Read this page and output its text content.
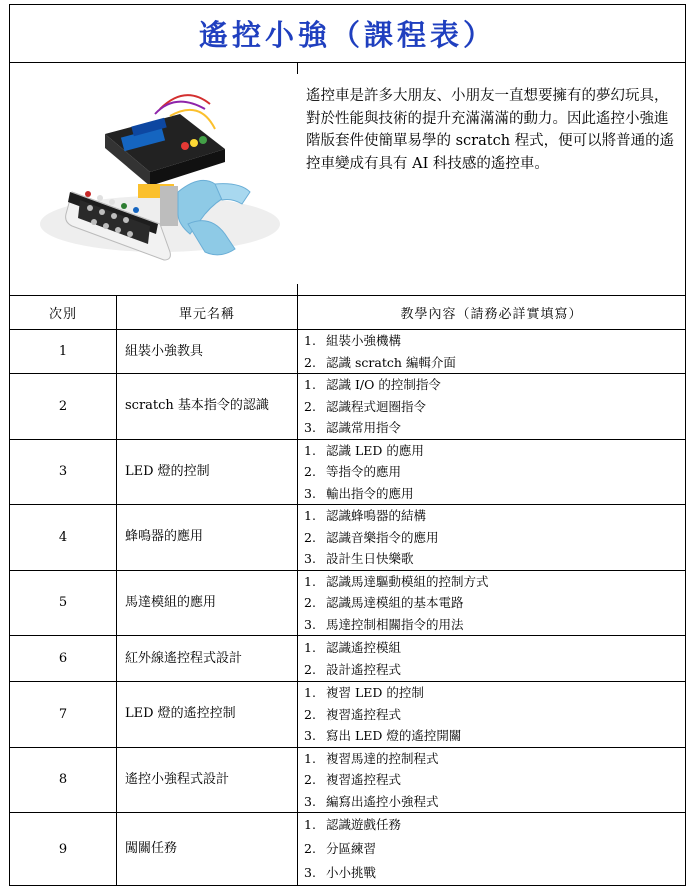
遙控小強（課程表）		

	遙控車是許多大朋友、小朋友一直想要擁有的夢幻玩具，對於性能與技術的提升充滿滿滿的動力。因此遙控小強進階版套件使簡單易學的 scratch 程式，便可以將普通的遙控車變成有具有 AI 科技感的遙控車。
次別	單元名稱	教學內容（請務必詳實填寫）
1	組裝小強教具	1. 組裝小強機構
2. 認識 scratch 編輯介面

2	scratch 基本指令的認識	1. 認識 I/O 的控制指令
2. 認識程式迴圈指令
3. 認識常用指令

3	LED 燈的控制	1. 認識 LED 的應用
2. 等指令的應用
3. 輸出指令的應用

4	蜂鳴器的應用	1. 認識蜂鳴器的結構
2. 認識音樂指令的應用
3. 設計生日快樂歌

5	馬達模組的應用	1. 認識馬達驅動模組的控制方式
2. 認識馬達模組的基本電路
3. 馬達控制相關指令的用法

6	紅外線遙控程式設計	1. 認識遙控模組
2. 設計遙控程式

7	LED 燈的遙控控制	1. 複習 LED 的控制
2. 複習遙控程式
3. 寫出 LED 燈的遙控開關

8	遙控小強程式設計	1. 複習馬達的控制程式
2. 複習遙控程式
3. 編寫出遙控小強程式

9	闖關任務	1. 認識遊戲任務
2. 分區練習
3. 小小挑戰
